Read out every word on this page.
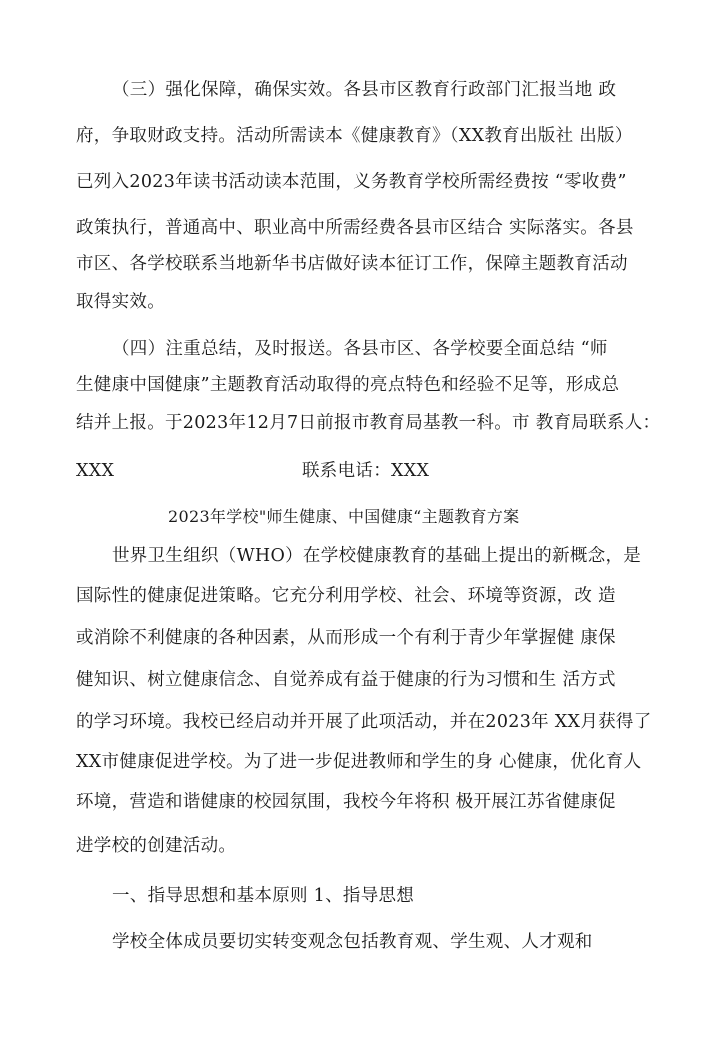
（三）强化保障，确保实效。各县市区教育行政部门汇报当地 政
府，争取财政支持。活动所需读本《健康教育》（XX教育出版社 出版）
已列入2023年读书活动读本范围，义务教育学校所需经费按 “零收费”
政策执行，普通高中、职业高中所需经费各县市区结合 实际落实。各县
市区、各学校联系当地新华书店做好读本征订工作，保障主题教育活动
取得实效。
（四）注重总结，及时报送。各县市区、各学校要全面总结 “师
生健康中国健康”主题教育活动取得的亮点特色和经验不足等，形成总
结并上报。于2023年12月7日前报市教育局基教一科。市 教育局联系人：
XXX	联系电话：XXX
2023年学校"师生健康、中国健康“主题教育方案
世界卫生组织（WHO）在学校健康教育的基础上提出的新概念，是
国际性的健康促进策略。它充分利用学校、社会、环境等资源，改 造
或消除不利健康的各种因素，从而形成一个有利于青少年掌握健 康保
健知识、树立健康信念、自觉养成有益于健康的行为习惯和生 活方式
的学习环境。我校已经启动并开展了此项活动，并在2023年 XX月获得了
XX市健康促进学校。为了进一步促进教师和学生的身 心健康，优化育人
环境，营造和谐健康的校园氛围，我校今年将积 极开展江苏省健康促
进学校的创建活动。
一、指导思想和基本原则 1、指导思想
学校全体成员要切实转变观念包括教育观、学生观、人才观和
